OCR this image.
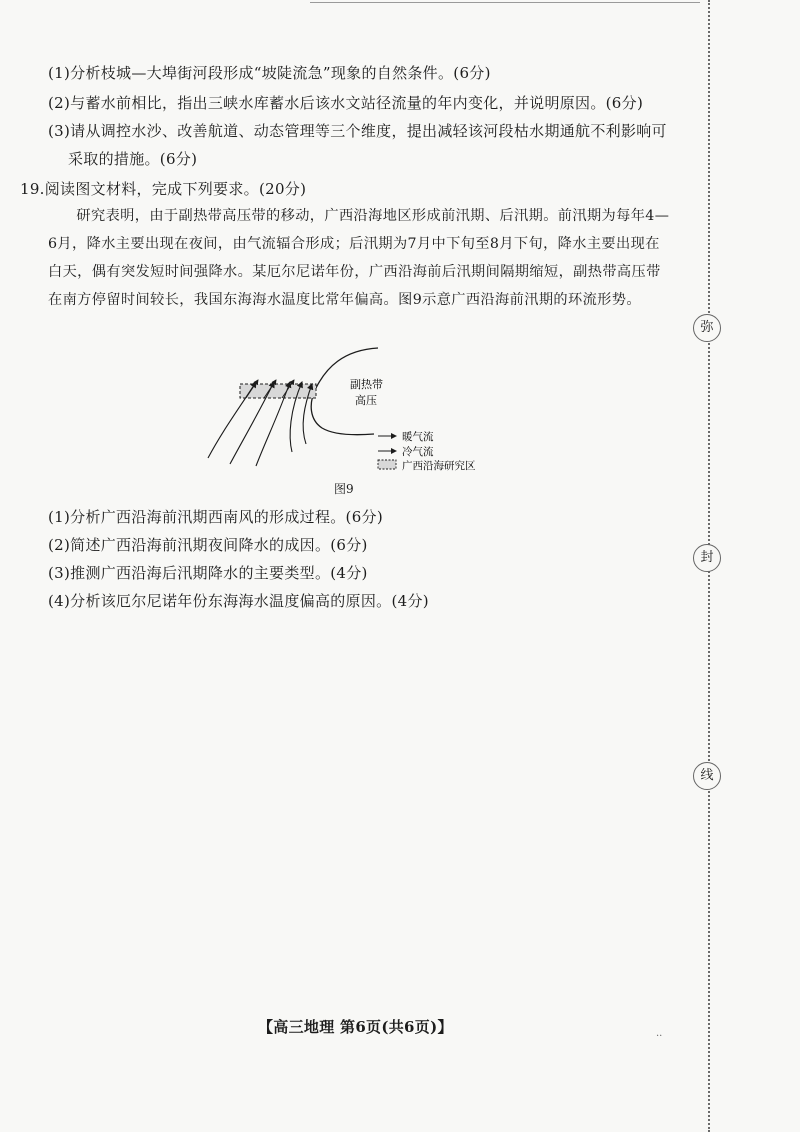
弥
封
线
(1)分析枝城—大埠街河段形成“坡陡流急”现象的自然条件。(6分)
(2)与蓄水前相比，指出三峡水库蓄水后该水文站径流量的年内变化，并说明原因。(6分)
(3)请从调控水沙、改善航道、动态管理等三个维度，提出减轻该河段枯水期通航不利影响可
采取的措施。(6分)
19.阅读图文材料，完成下列要求。(20分)
研究表明，由于副热带高压带的移动，广西沿海地区形成前汛期、后汛期。前汛期为每年4—6月，降水主要出现在夜间，由气流辐合形成；后汛期为7月中下旬至8月下旬，降水主要出现在白天，偶有突发短时间强降水。某厄尔尼诺年份，广西沿海前后汛期间隔期缩短，副热带高压带在南方停留时间较长，我国东海海水温度比常年偏高。图9示意广西沿海前汛期的环流形势。
副热带
高压
暖气流
冷气流
广西沿海研究区
图9
(1)分析广西沿海前汛期西南风的形成过程。(6分)
(2)简述广西沿海前汛期夜间降水的成因。(6分)
(3)推测广西沿海后汛期降水的主要类型。(4分)
(4)分析该厄尔尼诺年份东海海水温度偏高的原因。(4分)
【高三地理 第6页(共6页)】	..
